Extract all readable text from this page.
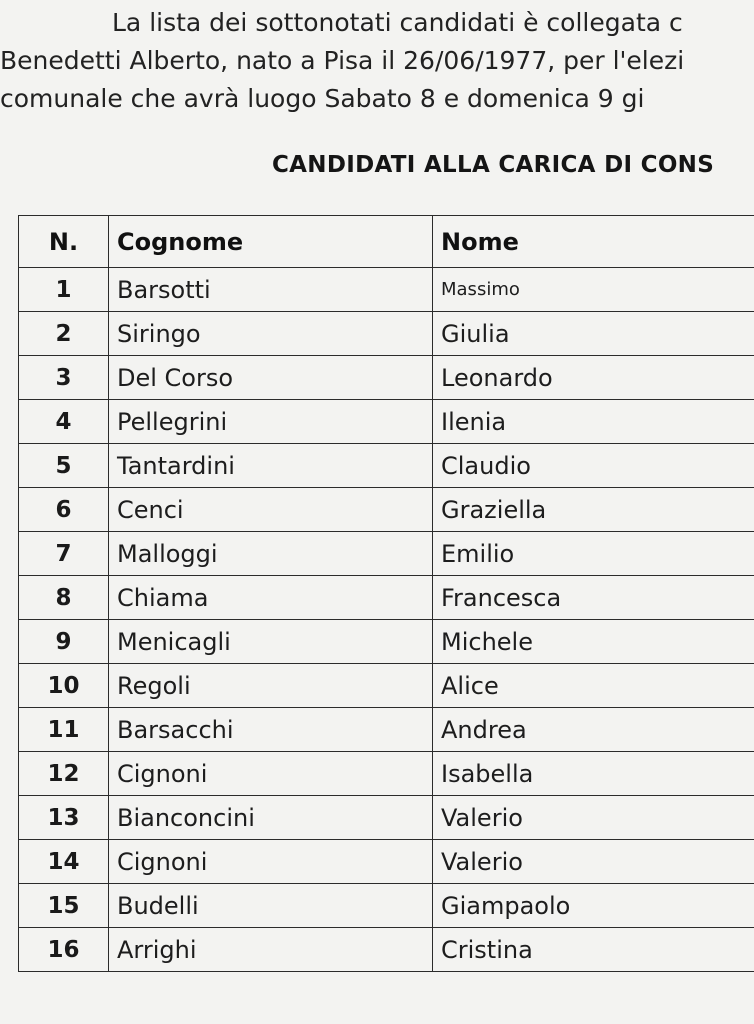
La lista dei sottonotati candidati è collegata c
Benedetti Alberto, nato a Pisa il 26/06/1977, per l'elezi
comunale che avrà luogo Sabato 8 e domenica 9 gi
CANDIDATI ALLA CARICA DI CONS
N.	Cognome	Nome
1	Barsotti	Massimo
2	Siringo	Giulia
3	Del Corso	Leonardo
4	Pellegrini	Ilenia
5	Tantardini	Claudio
6	Cenci	Graziella
7	Malloggi	Emilio
8	Chiama	Francesca
9	Menicagli	Michele
10	Regoli	Alice
11	Barsacchi	Andrea
12	Cignoni	Isabella
13	Bianconcini	Valerio
14	Cignoni	Valerio
15	Budelli	Giampaolo
16	Arrighi	Cristina
